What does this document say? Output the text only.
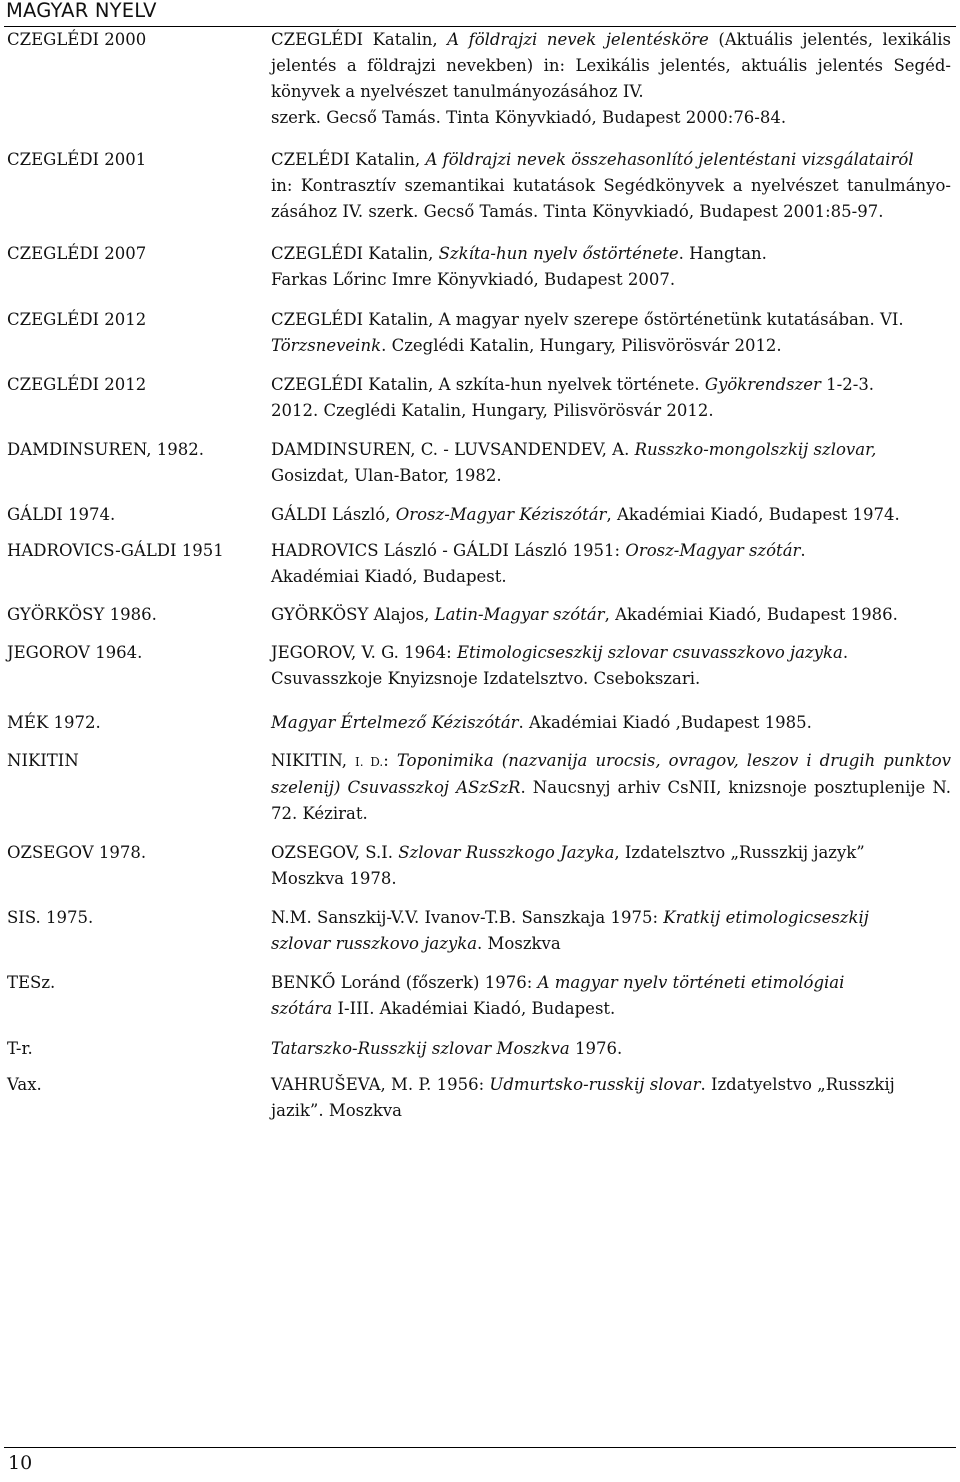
MAGYAR NYELV
CZEGLÉDI 2000	CZEGLÉDI Katalin, A földrajzi nevek jelentésköre (Aktuális jelentés, lexikális
jelentés a földrajzi nevekben) in: Lexikális jelentés, aktuális jelentés Segéd-
könyvek a nyelvészet tanulmányozásához IV.
szerk. Gecső Tamás. Tinta Könyvkiadó, Budapest 2000:76-84.
CZEGLÉDI 2001	CZELÉDI Katalin, A földrajzi nevek összehasonlító jelentéstani vizsgálatairól
in: Kontrasztív szemantikai kutatások Segédkönyvek a nyelvészet tanulmányo-
zásához IV. szerk. Gecső Tamás. Tinta Könyvkiadó, Budapest 2001:85-97.
CZEGLÉDI 2007	CZEGLÉDI Katalin, Szkíta-hun nyelv őstörténete. Hangtan.
Farkas Lőrinc Imre Könyvkiadó, Budapest 2007.
CZEGLÉDI 2012	CZEGLÉDI Katalin, A magyar nyelv szerepe őstörténetünk kutatásában. VI.
Törzsneveink. Czeglédi Katalin, Hungary, Pilisvörösvár 2012.
CZEGLÉDI 2012	CZEGLÉDI Katalin, A szkíta-hun nyelvek története. Gyökrendszer 1-2-3.
2012. Czeglédi Katalin, Hungary, Pilisvörösvár 2012.
DAMDINSUREN, 1982.	DAMDINSUREN, C. - LUVSANDENDEV, A. Russzko-mongolszkij szlovar,
Gosizdat, Ulan-Bator, 1982.
GÁLDI 1974.	GÁLDI László, Orosz-Magyar Kéziszótár, Akadémiai Kiadó, Budapest 1974.
HADROVICS-GÁLDI 1951	HADROVICS László - GÁLDI László 1951: Orosz-Magyar szótár.
Akadémiai Kiadó, Budapest.
GYÖRKÖSY 1986.	GYÖRKÖSY Alajos, Latin-Magyar szótár, Akadémiai Kiadó, Budapest 1986.
JEGOROV 1964.	JEGOROV, V. G. 1964: Etimologicseszkij szlovar csuvasszkovo jazyka.
Csuvasszkoje Knyizsnoje Izdatelsztvo. Csebokszari.
MÉK 1972.	Magyar Értelmező Kéziszótár. Akadémiai Kiadó ,Budapest 1985.
NIKITIN	NIKITIN, I. D.: Toponimika (nazvanija urocsis, ovragov, leszov i drugih punktov
szelenij) Csuvasszkoj ASzSzR. Naucsnyj arhiv CsNII, knizsnoje posztuplenije N.
72. Kézirat.
OZSEGOV 1978.	OZSEGOV, S.I. Szlovar Russzkogo Jazyka, Izdatelsztvo „Russzkij jazyk”
Moszkva 1978.
SIS. 1975.	N.M. Sanszkij-V.V. Ivanov-T.B. Sanszkaja 1975: Kratkij etimologicseszkij
szlovar russzkovo jazyka. Moszkva
TESz.	BENKŐ Loránd (főszerk) 1976: A magyar nyelv történeti etimológiai
szótára I-III. Akadémiai Kiadó, Budapest.
T-r.	Tatarszko-Russzkij szlovar Moszkva 1976.
Vax.	VAHRUŠEVA, M. P. 1956: Udmurtsko-russkij slovar. Izdatyelstvo „Russzkij
jazik”. Moszkva
10
